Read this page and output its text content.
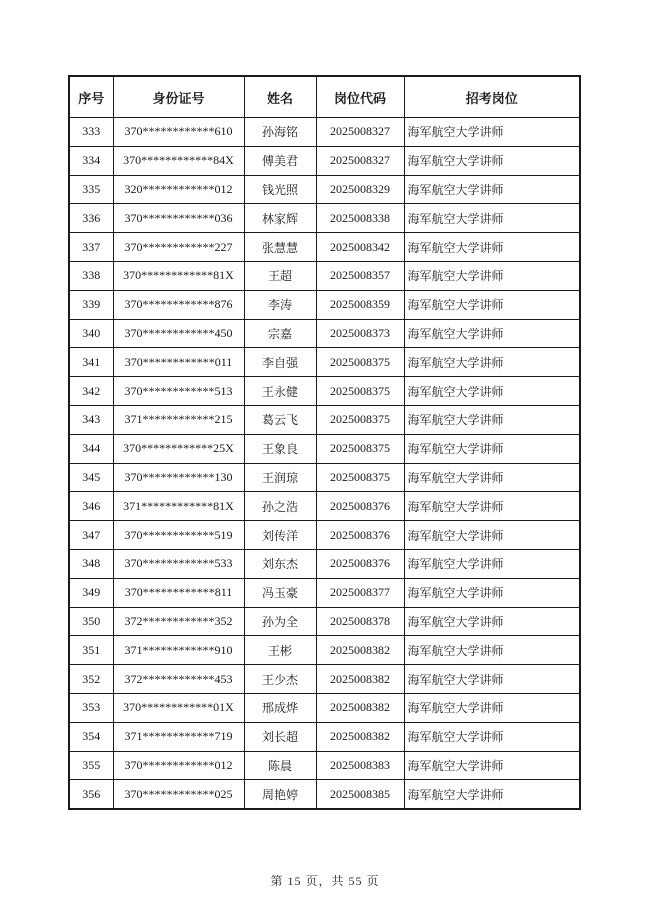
序号	身份证号	姓名	岗位代码	招考岗位
333	370************610	孙海铭	2025008327	海军航空大学讲师
334	370************84X	傅美君	2025008327	海军航空大学讲师
335	320************012	钱光照	2025008329	海军航空大学讲师
336	370************036	林家辉	2025008338	海军航空大学讲师
337	370************227	张慧慧	2025008342	海军航空大学讲师
338	370************81X	王超	2025008357	海军航空大学讲师
339	370************876	李涛	2025008359	海军航空大学讲师
340	370************450	宗嘉	2025008373	海军航空大学讲师
341	370************011	李自强	2025008375	海军航空大学讲师
342	370************513	王永健	2025008375	海军航空大学讲师
343	371************215	葛云飞	2025008375	海军航空大学讲师
344	370************25X	王象良	2025008375	海军航空大学讲师
345	370************130	王润琼	2025008375	海军航空大学讲师
346	371************81X	孙之浩	2025008376	海军航空大学讲师
347	370************519	刘传洋	2025008376	海军航空大学讲师
348	370************533	刘东杰	2025008376	海军航空大学讲师
349	370************811	冯玉豪	2025008377	海军航空大学讲师
350	372************352	孙为全	2025008378	海军航空大学讲师
351	371************910	王彬	2025008382	海军航空大学讲师
352	372************453	王少杰	2025008382	海军航空大学讲师
353	370************01X	邢成烨	2025008382	海军航空大学讲师
354	371************719	刘长超	2025008382	海军航空大学讲师
355	370************012	陈晨	2025008383	海军航空大学讲师
356	370************025	周艳婷	2025008385	海军航空大学讲师
第 15 页，共 55 页
